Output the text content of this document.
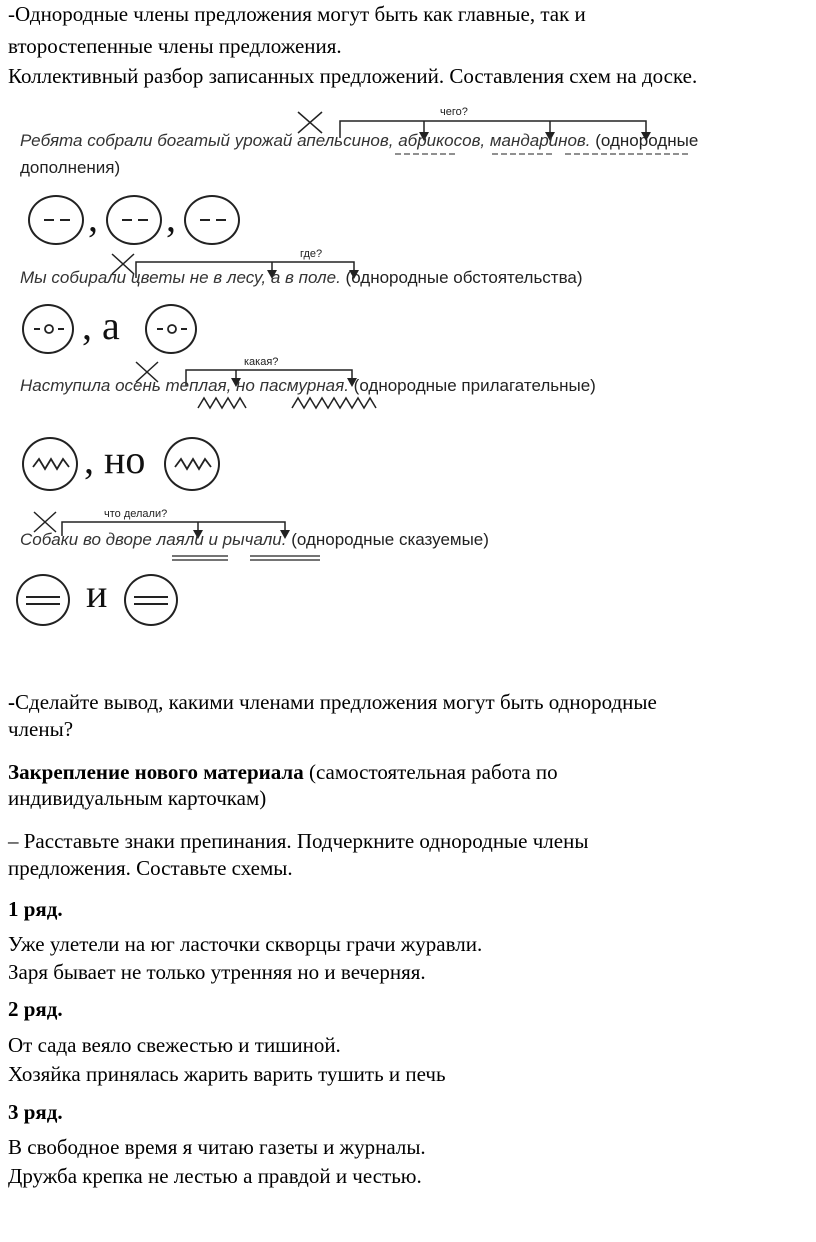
-Однородные члены предложения могут быть как главные, так и
второстепенные члены предложения.
Коллективный разбор записанных предложений. Составления схем на доске.
чего?
Ребята собрали богатый урожай апельсинов, абрикосов, мандаринов. (однородные
дополнения)
, ,
где?
Мы собирали цветы не в лесу, а в поле. (однородные обстоятельства)
, а
какая?
Наступила осень теплая, но пасмурная. (однородные прилагательные)
, но
что делали?
Собаки во дворе лаяли и рычали. (однородные сказуемые)
и
-Сделайте вывод, какими членами предложения могут быть однородные
члены?
Закрепление нового материала (самостоятельная работа по
индивидуальным карточкам)
– Расставьте знаки препинания. Подчеркните однородные члены
предложения. Составьте схемы.
1 ряд.
Уже улетели на юг ласточки скворцы грачи журавли.
Заря бывает не только утренняя но и вечерняя.
2 ряд.
От сада веяло свежестью и тишиной.
Хозяйка принялась жарить варить тушить и печь
3 ряд.
В свободное время я читаю газеты и журналы.
Дружба крепка не лестью а правдой и честью.
